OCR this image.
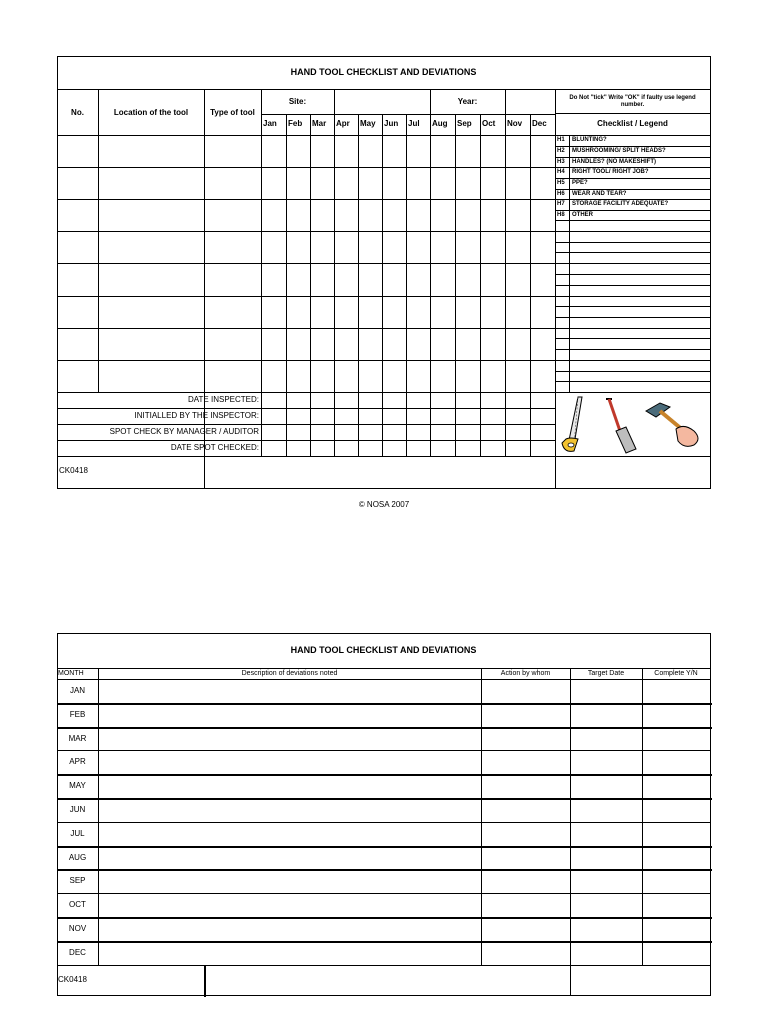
HAND TOOL CHECKLIST AND DEVIATIONS
No.	Location of the tool	Type of tool
Site:	Year:
Jan	Feb	Mar	Apr	May	Jun	Jul	Aug	Sep	Oct	Nov	Dec
Do Not "tick" Write "OK" if faulty use legend number.
Checklist / Legend
H1	BLUNTING?
H2	MUSHROOMING/ SPLIT HEADS?
H3	HANDLES? (NO MAKESHIFT)
H4	RIGHT TOOL/ RIGHT JOB?
H5	PPE?
H6	WEAR AND TEAR?
H7	STORAGE FACILITY ADEQUATE?
H8	OTHER
DATE INSPECTED:
INITIALLED BY THE INSPECTOR:
SPOT CHECK BY MANAGER / AUDITOR
DATE SPOT CHECKED:
CK0418
© NOSA 2007
HAND TOOL CHECKLIST AND DEVIATIONS
MONTH	Description of deviations noted	Action by whom	Target Date	Complete Y/N
JAN
FEB
MAR
APR
MAY
JUN
JUL
AUG
SEP
OCT
NOV
DEC
CK0418
